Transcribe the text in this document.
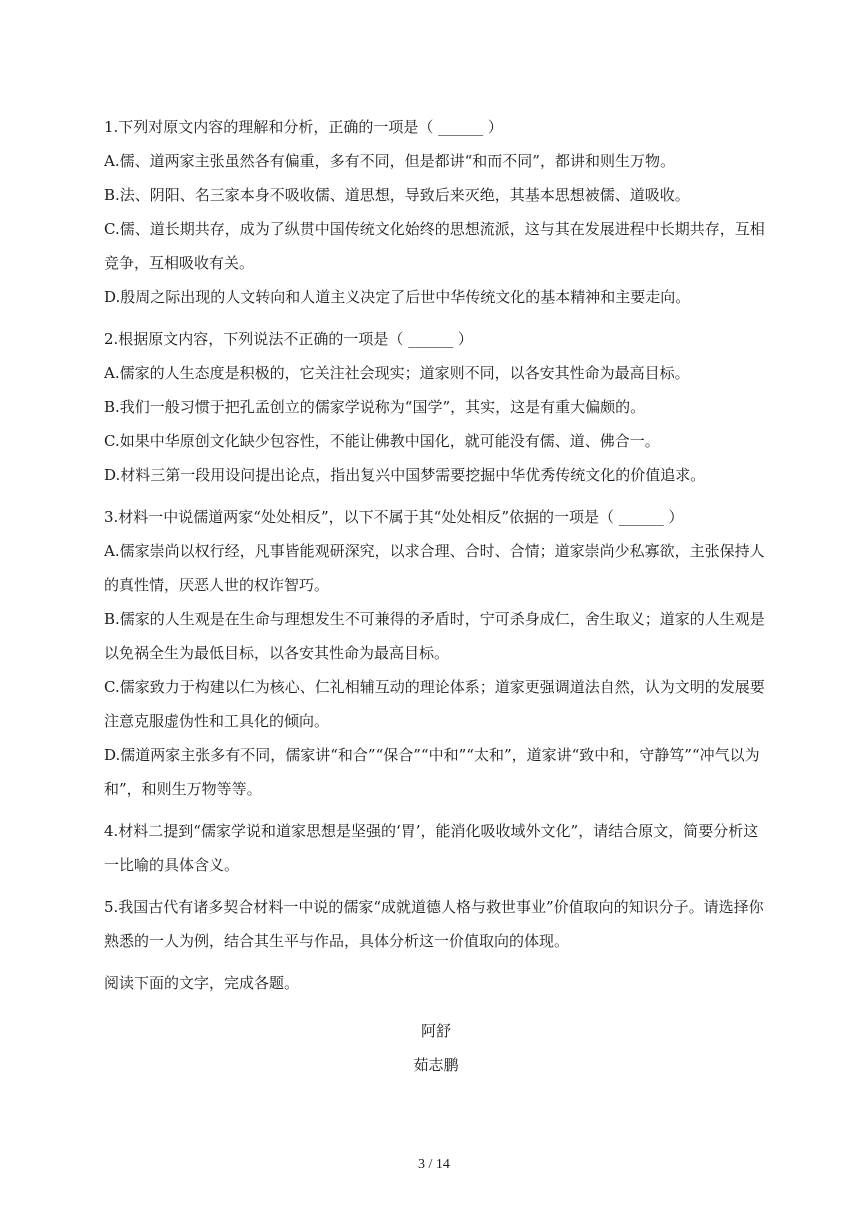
1.下列对原文内容的理解和分析，正确的一项是（ ______ ）
A.儒、道两家主张虽然各有偏重，多有不同，但是都讲“和而不同”，都讲和则生万物。
B.法、阴阳、名三家本身不吸收儒、道思想，导致后来灭绝，其基本思想被儒、道吸收。
C.儒、道长期共存，成为了纵贯中国传统文化始终的思想流派，这与其在发展进程中长期共存，互相竞争，互相吸收有关。
D.殷周之际出现的人文转向和人道主义决定了后世中华传统文化的基本精神和主要走向。
2.根据原文内容，下列说法不正确的一项是（ ______ ）
A.儒家的人生态度是积极的，它关注社会现实；道家则不同，以各安其性命为最高目标。
B.我们一般习惯于把孔孟创立的儒家学说称为“国学”，其实，这是有重大偏颇的。
C.如果中华原创文化缺少包容性，不能让佛教中国化，就可能没有儒、道、佛合一。
D.材料三第一段用设问提出论点，指出复兴中国梦需要挖掘中华优秀传统文化的价值追求。
3.材料一中说儒道两家“处处相反”，以下不属于其“处处相反”依据的一项是（ ______ ）
A.儒家崇尚以权行经，凡事皆能观研深究，以求合理、合时、合情；道家崇尚少私寡欲，主张保持人的真性情，厌恶人世的权诈智巧。
B.儒家的人生观是在生命与理想发生不可兼得的矛盾时，宁可杀身成仁，舍生取义；道家的人生观是以免祸全生为最低目标，以各安其性命为最高目标。
C.儒家致力于构建以仁为核心、仁礼相辅互动的理论体系；道家更强调道法自然，认为文明的发展要注意克服虚伪性和工具化的倾向。
D.儒道两家主张多有不同，儒家讲“和合”“保合”“中和”“太和”，道家讲“致中和，守静笃”“冲气以为和”，和则生万物等等。
4.材料二提到“儒家学说和道家思想是坚强的‘胃’，能消化吸收域外文化”，请结合原文，简要分析这一比喻的具体含义。
5.我国古代有诸多契合材料一中说的儒家“成就道德人格与救世事业”价值取向的知识分子。请选择你熟悉的一人为例，结合其生平与作品，具体分析这一价值取向的体现。
阅读下面的文字，完成各题。
阿舒
茹志鹏
3 / 14
